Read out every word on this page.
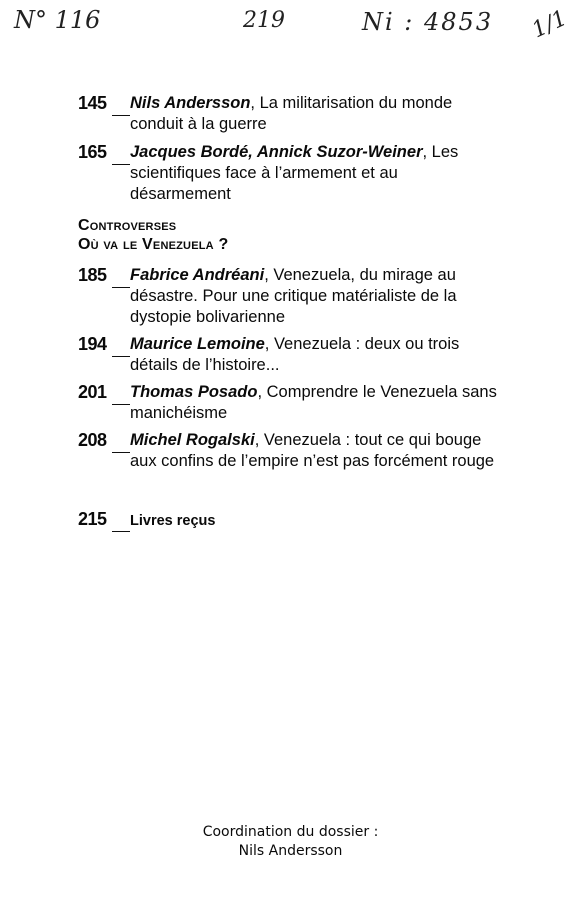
N° 116	219	Ni : 4853 1/1
145 Nils Andersson, La militarisation du monde conduit à la guerre
165 Jacques Bordé, Annick Suzor-Weiner, Les scientifiques face à l’armement et au désarmement
Controverses
Où va le Venezuela ?
185 Fabrice Andréani, Venezuela, du mirage au désastre. Pour une critique matérialiste de la dystopie bolivarienne
194 Maurice Lemoine, Venezuela : deux ou trois détails de l’histoire...
201 Thomas Posado, Comprendre le Venezuela sans manichéisme
208 Michel Rogalski, Venezuela : tout ce qui bouge aux confins de l’empire n’est pas forcément rouge
215 Livres reçus
Coordination du dossier :
Nils Andersson
